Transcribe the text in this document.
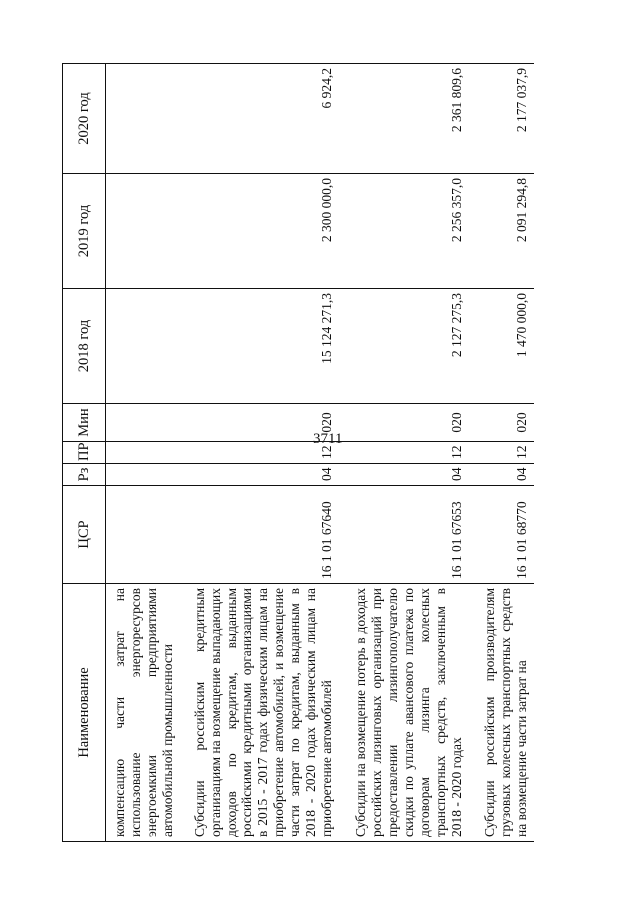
3711
Наименование	ЦСР	Рз	ПР	Мин	2018 год	2019 год	2020 год
компенсацию части затрат на использование энергоресурсов энергоемкими предприятиями автомобильной промышленности							
Субсидии российским кредитным организациям на возмещение выпадающих доходов по кредитам, выданным российскими кредитными организациями в 2015 - 2017 годах физическим лицам на приобретение автомобилей, и возмещение части затрат по кредитам, выданным в 2018 - 2020 годах физическим лицам на приобретение автомобилей	16 1 01 67640	04	12	020	15 124 271,3	2 300 000,0	6 924,2
Субсидии на возмещение потерь в доходах российских лизинговых организаций при предоставлении лизингополучателю скидки по уплате авансового платежа по договорам лизинга колесных транспортных средств, заключенным в 2018 - 2020 годах	16 1 01 67653	04	12	020	2 127 275,3	2 256 357,0	2 361 809,6
Субсидии российским производителям грузовых колесных транспортных средств на возмещение части затрат на	16 1 01 68770	04	12	020	1 470 000,0	2 091 294,8	2 177 037,9
